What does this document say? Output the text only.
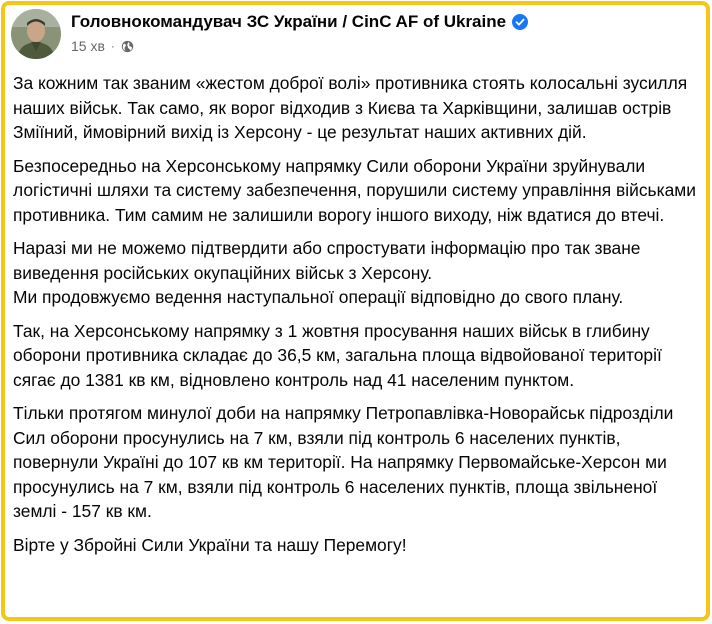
Головнокомандувач ЗС України / CinC AF of Ukraine
15 хв ·

За кожним так званим «жестом доброї волі» противника стоять колосальні зусилля наших військ. Так само, як ворог відходив з Києва та Харківщини, залишав острів Зміїний, ймовірний вихід із Херсону - це результат наших активних дій.

Безпосередньо на Херсонському напрямку Сили оборони України зруйнували логістичні шляхи та систему забезпечення, порушили систему управління військами противника. Тим самим не залишили ворогу іншого виходу, ніж вдатися до втечі.

Наразі ми не можемо підтвердити або спростувати інформацію про так зване виведення російських окупаційних військ з Херсону.
Ми продовжуємо ведення наступальної операції відповідно до свого плану.

Так, на Херсонському напрямку з 1 жовтня просування наших військ в глибину оборони противника складає до 36,5 км, загальна площа відвойованої території сягає до 1381 кв км, відновлено контроль над 41 населеним пунктом.

Тільки протягом минулої доби на напрямку Петропавлівка-Новорайськ підрозділи Сил оборони просунулись на 7 км, взяли під контроль 6 населених пунктів, повернули Україні до 107 кв км території. На напрямку Первомайське-Херсон ми просунулись на 7 км, взяли під контроль 6 населених пунктів, площа звільненої землі - 157 кв км.

Вірте у Збройні Сили України та нашу Перемогу!
